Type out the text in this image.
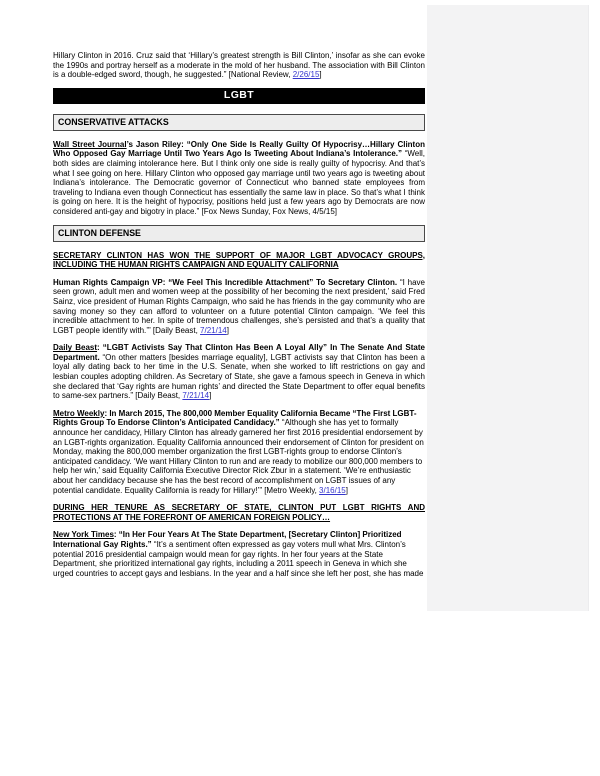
Hillary Clinton in 2016. Cruz said that ‘Hillary’s greatest strength is Bill Clinton,’ insofar as she can evoke the 1990s and portray herself as a moderate in the mold of her husband. The association with Bill Clinton is a double-edged sword, though, he suggested.” [National Review, 2/26/15]

LGBT
CONSERVATIVE ATTACKS

Wall Street Journal’s Jason Riley: “Only One Side Is Really Guilty Of Hypocrisy…Hillary Clinton Who Opposed Gay Marriage Until Two Years Ago Is Tweeting About Indiana’s Intolerance.” “Well, both sides are claiming intolerance here. But I think only one side is really guilty of hypocrisy. And that’s what I see going on here. Hillary Clinton who opposed gay marriage until two years ago is tweeting about Indiana’s intolerance. The Democratic governor of Connecticut who banned state employees from traveling to Indiana even though Connecticut has essentially the same law in place. So that’s what I think is going on here. It is the height of hypocrisy, positions held just a few years ago by Democrats are now considered anti-gay and bigotry in place.” [Fox News Sunday, Fox News, 4/5/15]

CLINTON DEFENSE

SECRETARY CLINTON HAS WON THE SUPPORT OF MAJOR LGBT ADVOCACY GROUPS, INCLUDING THE HUMAN RIGHTS CAMPAIGN AND EQUALITY CALIFORNIA

Human Rights Campaign VP: “We Feel This Incredible Attachment” To Secretary Clinton. “I have seen grown, adult men and women weep at the possibility of her becoming the next president,’ said Fred Sainz, vice president of Human Rights Campaign, who said he has friends in the gay community who are saving money so they can afford to volunteer on a future potential Clinton campaign. ‘We feel this incredible attachment to her. In spite of tremendous challenges, she’s persisted and that’s a quality that LGBT people identify with.’” [Daily Beast, 7/21/14]

Daily Beast: “LGBT Activists Say That Clinton Has Been A Loyal Ally” In The Senate And State Department. “On other matters [besides marriage equality], LGBT activists say that Clinton has been a loyal ally dating back to her time in the U.S. Senate, when she worked to lift restrictions on gay and lesbian couples adopting children. As Secretary of State, she gave a famous speech in Geneva in which she declared that ‘Gay rights are human rights’ and directed the State Department to offer equal benefits to same-sex partners.” [Daily Beast, 7/21/14]

Metro Weekly: In March 2015, The 800,000 Member Equality California Became “The First LGBT-Rights Group To Endorse Clinton’s Anticipated Candidacy.” “Although she has yet to formally announce her candidacy, Hillary Clinton has already garnered her first 2016 presidential endorsement by an LGBT-rights organization. Equality California announced their endorsement of Clinton for president on Monday, making the 800,000 member organization the first LGBT-rights group to endorse Clinton’s anticipated candidacy. ‘We want Hillary Clinton to run and are ready to mobilize our 800,000 members to help her win,’ said Equality California Executive Director Rick Zbur in a statement. ‘We’re enthusiastic about her candidacy because she has the best record of accomplishment on LGBT issues of any potential candidate. Equality California is ready for Hillary!’” [Metro Weekly, 3/16/15]

DURING HER TENURE AS SECRETARY OF STATE, CLINTON PUT LGBT RIGHTS AND PROTECTIONS AT THE FOREFRONT OF AMERICAN FOREIGN POLICY…

New York Times: “In Her Four Years At The State Department, [Secretary Clinton] Prioritized International Gay Rights.” “It’s a sentiment often expressed as gay voters mull what Mrs. Clinton’s potential 2016 presidential campaign would mean for gay rights. In her four years at the State Department, she prioritized international gay rights, including a 2011 speech in Geneva in which she urged countries to accept gays and lesbians. In the year and a half since she left her post, she has made
